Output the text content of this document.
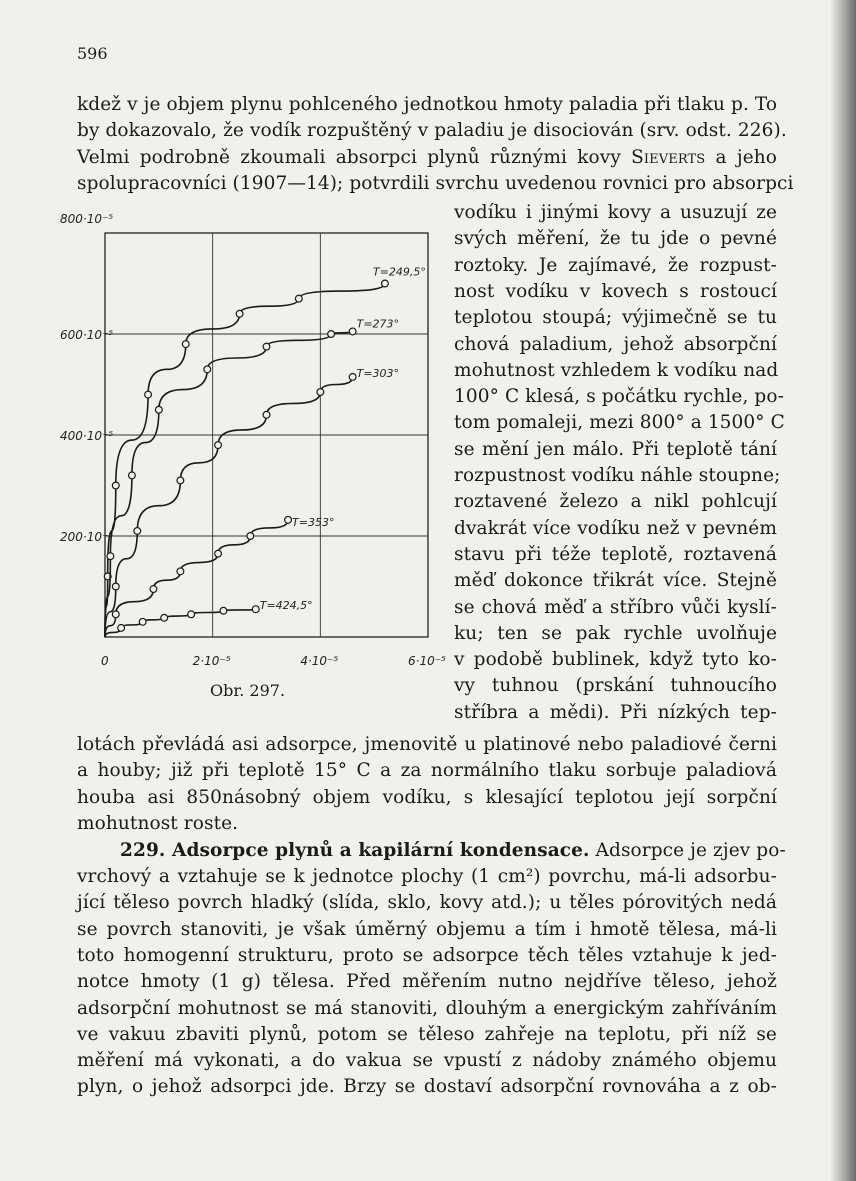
596
kdež v je objem plynu pohlceného jednotkou hmoty paladia při tlaku p. To
by dokazovalo, že vodík rozpuštěný v paladiu je disociován (srv. odst. 226).
Velmi podrobně zkoumali absorpci plynů různými kovy Sieverts a jeho
spolupracovníci (1907—14); potvrdili svrchu uvedenou rovnici pro absorpci
vodíku i jinými kovy a usuzují ze
svých měření, že tu jde o pevné
roztoky. Je zajímavé, že rozpust-
nost vodíku v kovech s rostoucí
teplotou stoupá; výjimečně se tu
chová paladium, jehož absorpční
mohutnost vzhledem k vodíku nad
100° C klesá, s počátku rychle, po-
tom pomaleji, mezi 800° a 1500° C
se mění jen málo. Při teplotě tání
rozpustnost vodíku náhle stoupne;
roztavené železo a nikl pohlcují
dvakrát více vodíku než v pevném
stavu při téže teplotě, roztavená
měď dokonce třikrát více. Stejně
se chová měď a stříbro vůči kyslí-
ku; ten se pak rychle uvolňuje
v podobě bublinek, když tyto ko-
vy tuhnou (prskání tuhnoucího
stříbra a mědi). Při nízkých tep-
800·10⁻⁵
600·10⁻⁵
400·10⁻⁵
200·10⁻⁵
0	2·10⁻⁵	4·10⁻⁵	6·10⁻⁵
T=249,5°
T=273°
T=303°
T=353°
T=424,5°
Obr. 297.
lotách převládá asi adsorpce, jmenovitě u platinové nebo paladiové černi
a houby; již při teplotě 15° C a za normálního tlaku sorbuje paladiová
houba asi 850násobný objem vodíku, s klesající teplotou její sorpční
mohutnost roste.
229. Adsorpce plynů a kapilární kondensace. Adsorpce je zjev po-
vrchový a vztahuje se k jednotce plochy (1 cm²) povrchu, má-li adsorbu-
jící těleso povrch hladký (slída, sklo, kovy atd.); u těles pórovitých nedá
se povrch stanoviti, je však úměrný objemu a tím i hmotě tělesa, má-li
toto homogenní strukturu, proto se adsorpce těch těles vztahuje k jed-
notce hmoty (1 g) tělesa. Před měřením nutno nejdříve těleso, jehož
adsorpční mohutnost se má stanoviti, dlouhým a energickým zahříváním
ve vakuu zbaviti plynů, potom se těleso zahřeje na teplotu, při níž se
měření má vykonati, a do vakua se vpustí z nádoby známého objemu
plyn, o jehož adsorpci jde. Brzy se dostaví adsorpční rovnováha a z ob-
